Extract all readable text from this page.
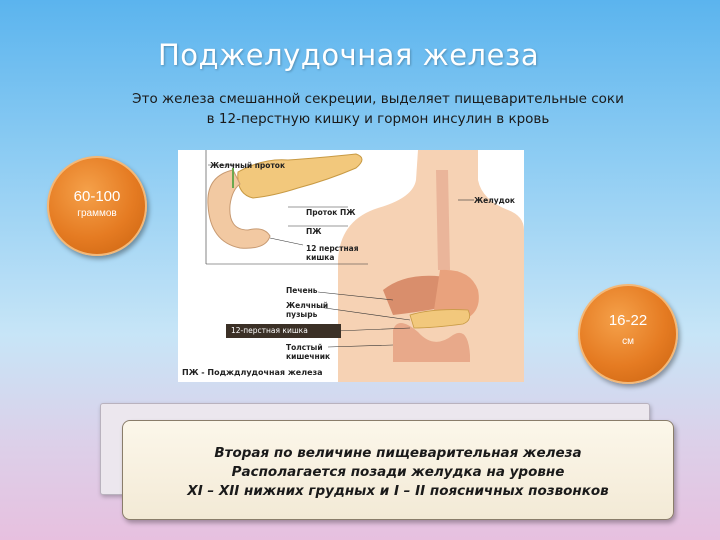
Поджелудочная железа
Это железа смешанной секреции, выделяет пищеварительные соки
в 12-перстную кишку и гормон инсулин в кровь
Желчный проток
Желудок
Проток ПЖ
ПЖ
12 перстная
кишка
Печень
Желчный
пузырь
12-перстная кишка
Толстый
кишечник
ПЖ - Подждлудочная железа
60-100
граммов
16-22
см
Вторая по величине пищеварительная железа
Располагается позади желудка на уровне
XI – XII нижних грудных и I – II поясничных позвонков
